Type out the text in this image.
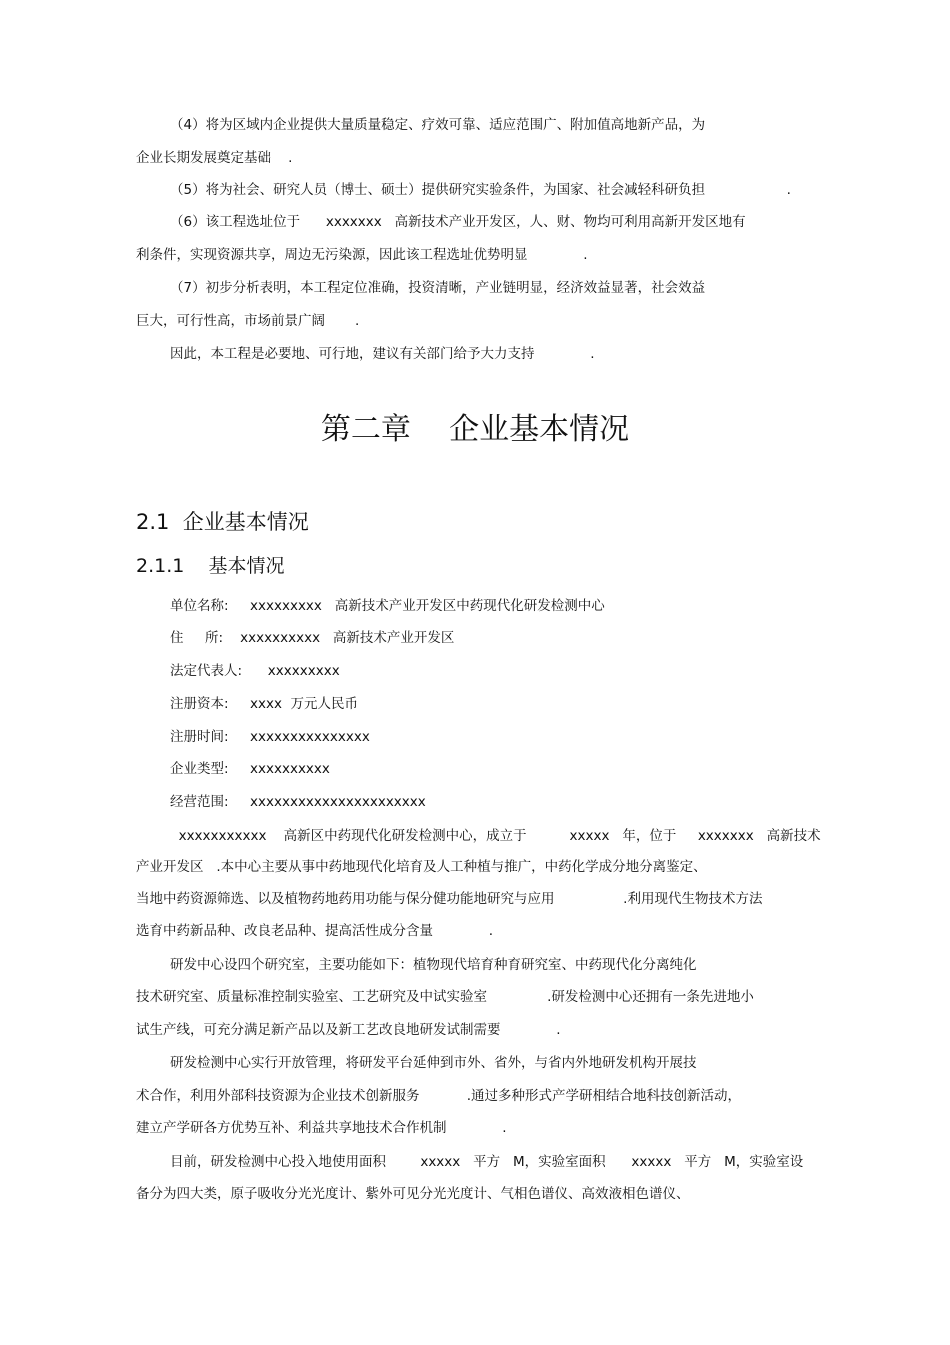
（4）将为区域内企业提供大量质量稳定、疗效可靠、适应范围广、附加值高地新产品，为
企业长期发展奠定基础    .
（5）将为社会、研究人员（博士、硕士）提供研究实验条件，为国家、社会减轻科研负担                   .
（6）该工程选址位于      xxxxxxx   高新技术产业开发区，人、财、物均可利用高新开发区地有
利条件，实现资源共享，周边无污染源，因此该工程选址优势明显             .
（7）初步分析表明，本工程定位准确，投资清晰，产业链明显，经济效益显著，社会效益
巨大，可行性高，市场前景广阔       .
因此，本工程是必要地、可行地，建议有关部门给予大力支持             .
第二章    企业基本情况
2.1  企业基本情况
2.1.1    基本情况
单位名称:     xxxxxxxxx   高新技术产业开发区中药现代化研发检测中心
住     所:    xxxxxxxxxx   高新技术产业开发区
法定代表人:      xxxxxxxxx
注册资本:     xxxx  万元人民币
注册时间:     xxxxxxxxxxxxxxx
企业类型:     xxxxxxxxxx
经营范围:     xxxxxxxxxxxxxxxxxxxxxx
xxxxxxxxxxx    高新区中药现代化研发检测中心，成立于          xxxxx   年，位于     xxxxxxx   高新技术
产业开发区   .本中心主要从事中药地现代化培育及人工种植与推广，中药化学成分地分离鉴定、
当地中药资源筛选、以及植物药地药用功能与保分健功能地研究与应用                .利用现代生物技术方法
选育中药新品种、改良老品种、提高活性成分含量             .
研发中心设四个研究室，主要功能如下：植物现代培育种育研究室、中药现代化分离纯化
技术研究室、质量标准控制实验室、工艺研究及中试实验室              .研发检测中心还拥有一条先进地小
试生产线，可充分满足新产品以及新工艺改良地研发试制需要             .
研发检测中心实行开放管理，将研发平台延伸到市外、省外，与省内外地研发机构开展技
术合作，利用外部科技资源为企业技术创新服务           .通过多种形式产学研相结合地科技创新活动，
建立产学研各方优势互补、利益共享地技术合作机制             .
目前，研发检测中心投入地使用面积        xxxxx   平方   M，实验室面积      xxxxx   平方   M，实验室设
备分为四大类，原子吸收分光光度计、紫外可见分光光度计、气相色谱仪、高效液相色谱仪、
